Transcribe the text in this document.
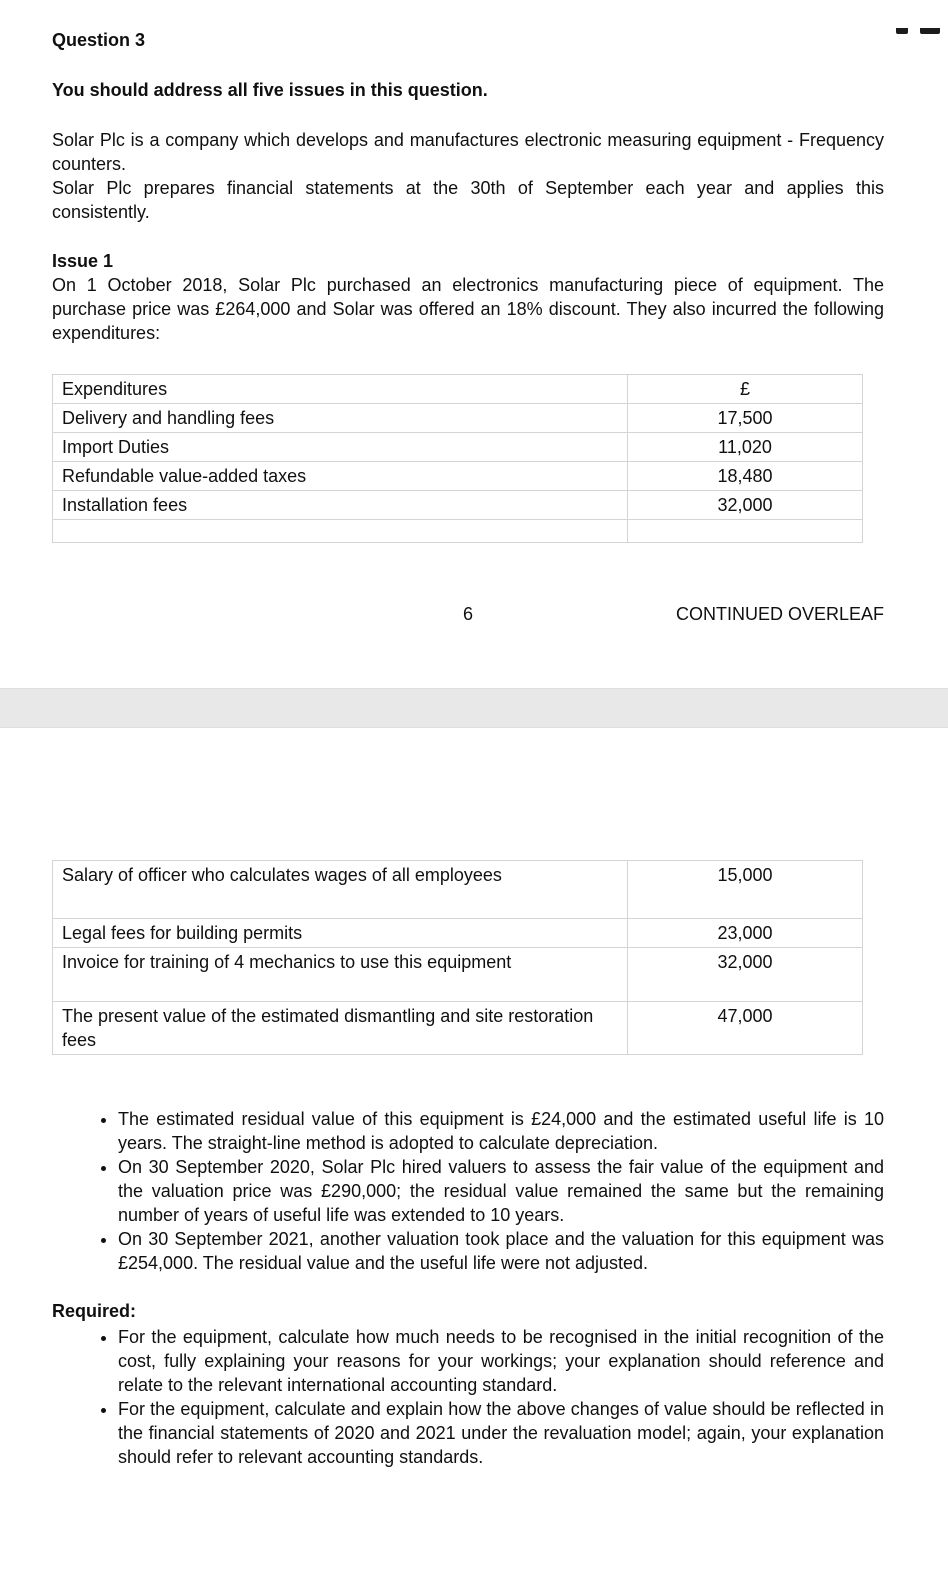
Question 3
You should address all five issues in this question.
Solar Plc is a company which develops and manufactures electronic measuring equipment - Frequency counters.
Solar Plc prepares financial statements at the 30th of September each year and applies this consistently.
Issue 1
On 1 October 2018, Solar Plc purchased an electronics manufacturing piece of equipment. The purchase price was £264,000 and Solar was offered an 18% discount. They also incurred the following expenditures:
Expenditures	£
Delivery and handling fees	17,500
Import Duties	11,020
Refundable value-added taxes	18,480
Installation fees	32,000

6	CONTINUED OVERLEAF
Salary of officer who calculates wages of all employees	15,000
Legal fees for building permits	23,000
Invoice for training of 4 mechanics to use this equipment	32,000
The present value of the estimated dismantling and site restoration fees	47,000
• The estimated residual value of this equipment is £24,000 and the estimated useful life is 10 years. The straight-line method is adopted to calculate depreciation.
• On 30 September 2020, Solar Plc hired valuers to assess the fair value of the equipment and the valuation price was £290,000; the residual value remained the same but the remaining number of years of useful life was extended to 10 years.
• On 30 September 2021, another valuation took place and the valuation for this equipment was £254,000. The residual value and the useful life were not adjusted.
Required:
• For the equipment, calculate how much needs to be recognised in the initial recognition of the cost, fully explaining your reasons for your workings; your explanation should reference and relate to the relevant international accounting standard.
• For the equipment, calculate and explain how the above changes of value should be reflected in the financial statements of 2020 and 2021 under the revaluation model; again, your explanation should refer to relevant accounting standards.
